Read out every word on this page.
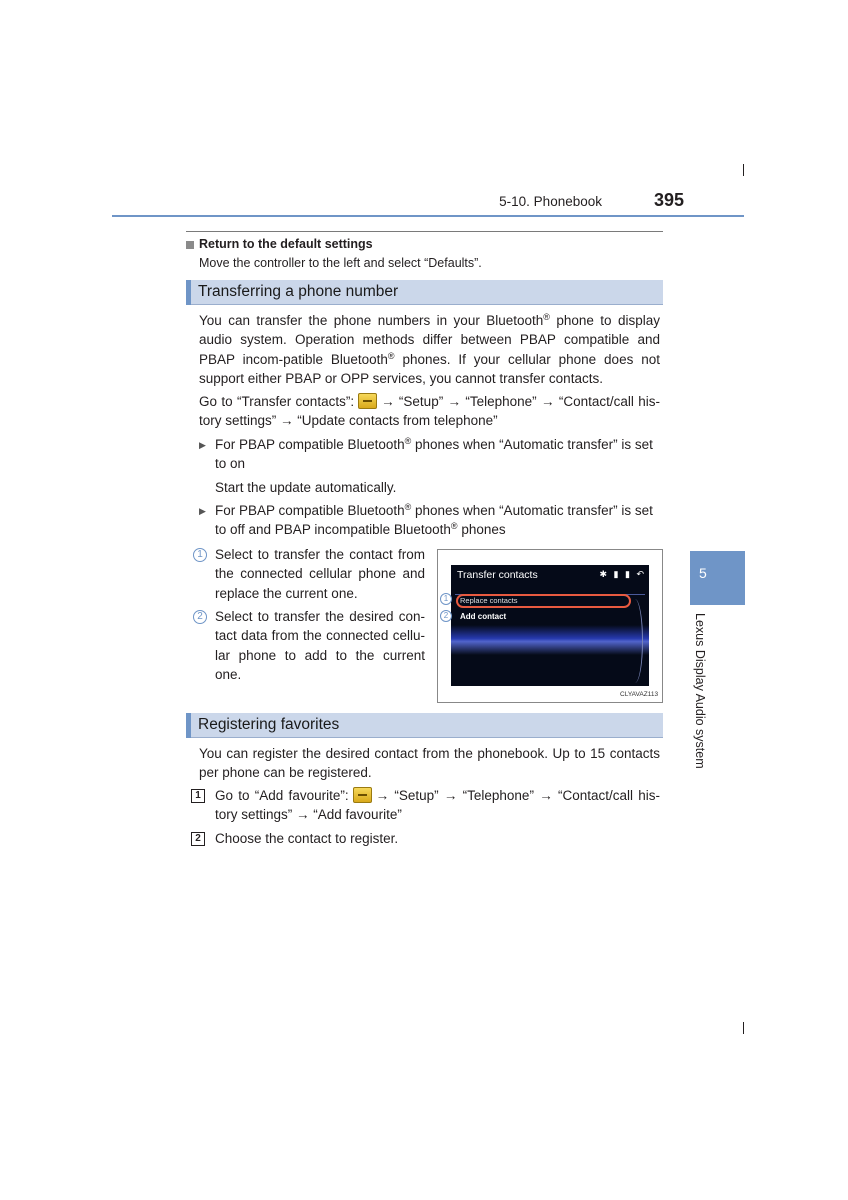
5-10. Phonebook	395
Return to the default settings
Move the controller to the left and select “Defaults”.
Transferring a phone number
You can transfer the phone numbers in your Bluetooth® phone to display audio system. Operation methods differ between PBAP compatible and PBAP incom-patible Bluetooth® phones. If your cellular phone does not support either PBAP or OPP services, you cannot transfer contacts.
Go to “Transfer contacts”: → “Setup” → “Telephone” → “Contact/call his-tory settings” → “Update contacts from telephone”
▶ For PBAP compatible Bluetooth® phones when “Automatic transfer” is set to on
Start the update automatically.
▶ For PBAP compatible Bluetooth® phones when “Automatic transfer” is set to off and PBAP incompatible Bluetooth® phones
1 Select to transfer the contact from the connected cellular phone and replace the current one.
2 Select to transfer the desired con-tact data from the connected cellu-lar phone to add to the current one.
Transfer contacts	✱ ▮ ▮ ↶
Replace contacts
Add contact
1
2
CLYAVAZ113
Registering favorites
You can register the desired contact from the phonebook. Up to 15 contacts per phone can be registered.
1	Go to “Add favourite”: → “Setup” → “Telephone” → “Contact/call his-tory settings” → “Add favourite”
2	Choose the contact to register.
5
Lexus Display Audio system
